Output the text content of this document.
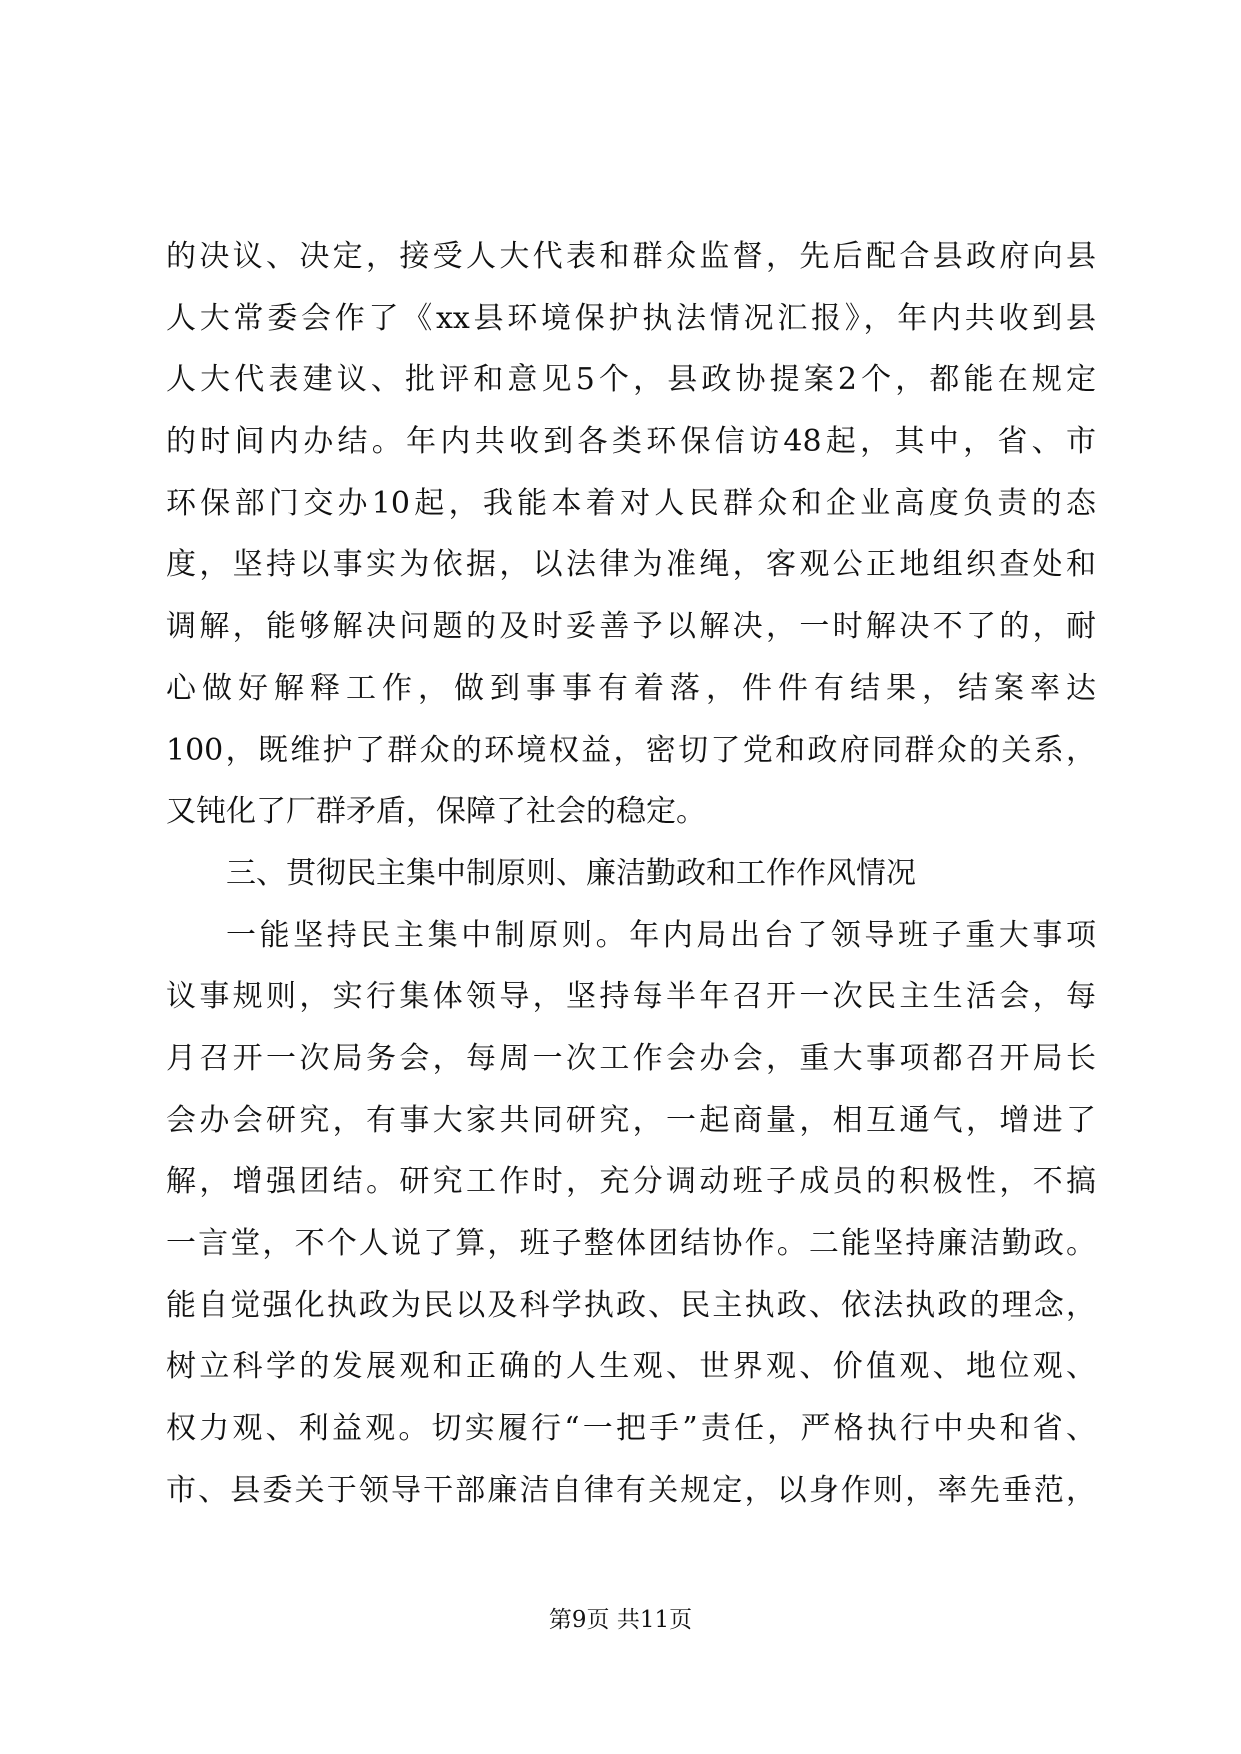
的决议、决定，接受人大代表和群众监督，先后配合县政府向县
人大常委会作了《xx县环境保护执法情况汇报》，年内共收到县
人大代表建议、批评和意见5个，县政协提案2个，都能在规定
的时间内办结。年内共收到各类环保信访48起，其中，省、市
环保部门交办10起，我能本着对人民群众和企业高度负责的态
度，坚持以事实为依据，以法律为准绳，客观公正地组织查处和
调解，能够解决问题的及时妥善予以解决，一时解决不了的，耐
心做好解释工作，做到事事有着落，件件有结果，结案率达
100，既维护了群众的环境权益，密切了党和政府同群众的关系，
又钝化了厂群矛盾，保障了社会的稳定。
三、贯彻民主集中制原则、廉洁勤政和工作作风情况
一能坚持民主集中制原则。年内局出台了领导班子重大事项
议事规则，实行集体领导，坚持每半年召开一次民主生活会，每
月召开一次局务会，每周一次工作会办会，重大事项都召开局长
会办会研究，有事大家共同研究，一起商量，相互通气，增进了
解，增强团结。研究工作时，充分调动班子成员的积极性，不搞
一言堂，不个人说了算，班子整体团结协作。二能坚持廉洁勤政。
能自觉强化执政为民以及科学执政、民主执政、依法执政的理念，
树立科学的发展观和正确的人生观、世界观、价值观、地位观、
权力观、利益观。切实履行“一把手”责任，严格执行中央和省、
市、县委关于领导干部廉洁自律有关规定，以身作则，率先垂范，
第9页 共11页
